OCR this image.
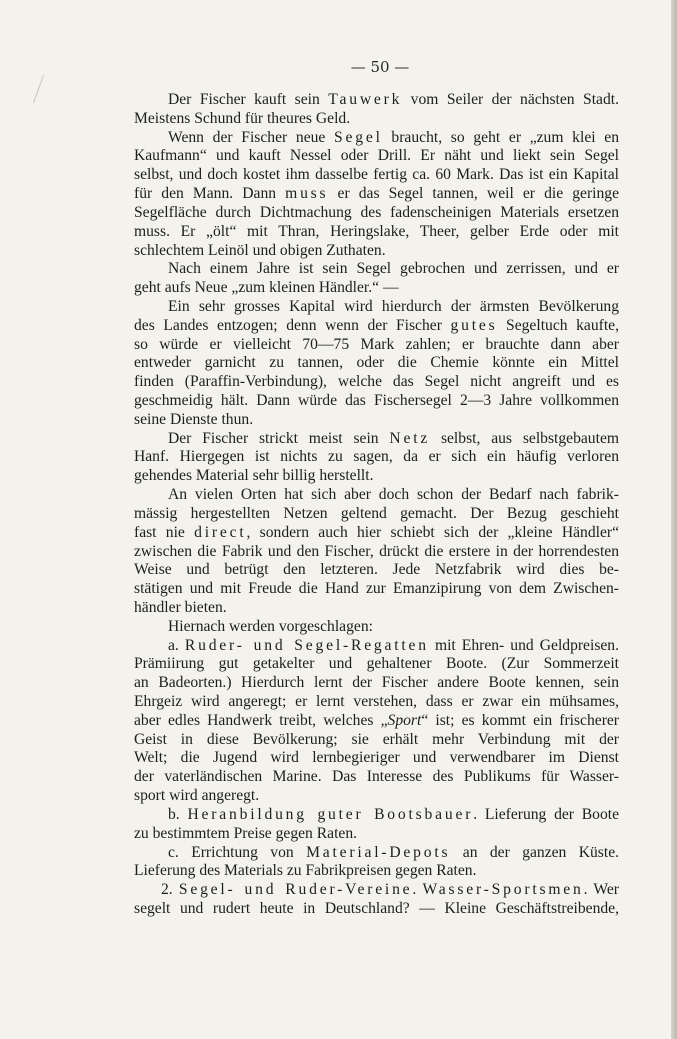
— 50 —
Der Fischer kauft sein Tauwerk vom Seiler der nächsten Stadt.
Meistens Schund für theures Geld.
Wenn der Fischer neue Segel braucht, so geht er „zum klei en
Kaufmann“ und kauft Nessel oder Drill. Er näht und liekt sein Segel
selbst, und doch kostet ihm dasselbe fertig ca. 60 Mark. Das ist ein Kapital
für den Mann. Dann muss er das Segel tannen, weil er die geringe
Segelfläche durch Dichtmachung des fadenscheinigen Materials ersetzen
muss. Er „ölt“ mit Thran, Heringslake, Theer, gelber Erde oder mit
schlechtem Leinöl und obigen Zuthaten.
Nach einem Jahre ist sein Segel gebrochen und zerrissen, und er
geht aufs Neue „zum kleinen Händler.“ —
Ein sehr grosses Kapital wird hierdurch der ärmsten Bevölkerung
des Landes entzogen; denn wenn der Fischer gutes Segeltuch kaufte,
so würde er vielleicht 70—75 Mark zahlen; er brauchte dann aber
entweder garnicht zu tannen, oder die Chemie könnte ein Mittel
finden (Paraffin-Verbindung), welche das Segel nicht angreift und es
geschmeidig hält. Dann würde das Fischersegel 2—3 Jahre vollkommen
seine Dienste thun.
Der Fischer strickt meist sein Netz selbst, aus selbstgebautem
Hanf. Hiergegen ist nichts zu sagen, da er sich ein häufig verloren
gehendes Material sehr billig herstellt.
An vielen Orten hat sich aber doch schon der Bedarf nach fabrik-
mässig hergestellten Netzen geltend gemacht. Der Bezug geschieht
fast nie direct, sondern auch hier schiebt sich der „kleine Händler“
zwischen die Fabrik und den Fischer, drückt die erstere in der horrendesten
Weise und betrügt den letzteren. Jede Netzfabrik wird dies be-
stätigen und mit Freude die Hand zur Emanzipirung von dem Zwischen-
händler bieten.
Hiernach werden vorgeschlagen:
a. Ruder- und Segel-Regatten mit Ehren- und Geldpreisen.
Prämiirung gut getakelter und gehaltener Boote. (Zur Sommerzeit
an Badeorten.) Hierdurch lernt der Fischer andere Boote kennen, sein
Ehrgeiz wird angeregt; er lernt verstehen, dass er zwar ein mühsames,
aber edles Handwerk treibt, welches „Sport“ ist; es kommt ein frischerer
Geist in diese Bevölkerung; sie erhält mehr Verbindung mit der
Welt; die Jugend wird lernbegieriger und verwendbarer im Dienst
der vaterländischen Marine. Das Interesse des Publikums für Wasser-
sport wird angeregt.
b. Heranbildung guter Bootsbauer. Lieferung der Boote
zu bestimmtem Preise gegen Raten.
c. Errichtung von Material-Depots an der ganzen Küste.
Lieferung des Materials zu Fabrikpreisen gegen Raten.
2. Segel- und Ruder-Vereine. Wasser-Sportsmen. Wer
segelt und rudert heute in Deutschland? — Kleine Geschäftstreibende,
